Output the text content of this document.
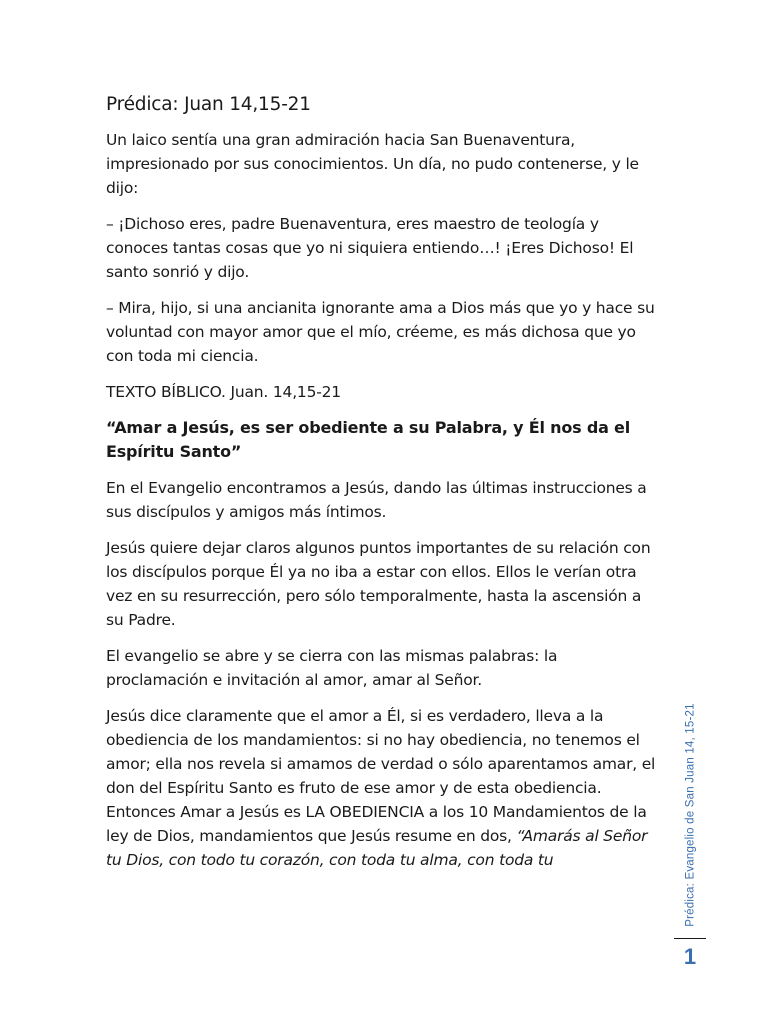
Prédica: Juan 14,15-21

Un laico sentía una gran admiración hacia San Buenaventura, impresionado por sus conocimientos. Un día, no pudo contenerse, y le dijo:

– ¡Dichoso eres, padre Buenaventura, eres maestro de teología y conoces tantas cosas que yo ni siquiera entiendo…! ¡Eres Dichoso! El santo sonrió y dijo.

– Mira, hijo, si una ancianita ignorante ama a Dios más que yo y hace su voluntad con mayor amor que el mío, créeme, es más dichosa que yo con toda mi ciencia.

TEXTO BÍBLICO. Juan. 14,15-21

“Amar a Jesús, es ser obediente a su Palabra, y Él nos da el Espíritu Santo”

En el Evangelio encontramos a Jesús, dando las últimas instrucciones a sus discípulos y amigos más íntimos.

Jesús quiere dejar claros algunos puntos importantes de su relación con los discípulos porque Él ya no iba a estar con ellos. Ellos le verían otra vez en su resurrección, pero sólo temporalmente, hasta la ascensión a su Padre.

El evangelio se abre y se cierra con las mismas palabras: la proclamación e invitación al amor, amar al Señor.

Jesús dice claramente que el amor a Él, si es verdadero, lleva a la obediencia de los mandamientos: si no hay obediencia, no tenemos el amor; ella nos revela si amamos de verdad o sólo aparentamos amar, el don del Espíritu Santo es fruto de ese amor y de esta obediencia. Entonces Amar a Jesús es LA OBEDIENCIA a los 10 Mandamientos de la ley de Dios, mandamientos que Jesús resume en dos, “Amarás al Señor tu Dios, con todo tu corazón, con toda tu alma, con toda tu	Prédica: Evangelio de San Juan 14, 15-21
1
